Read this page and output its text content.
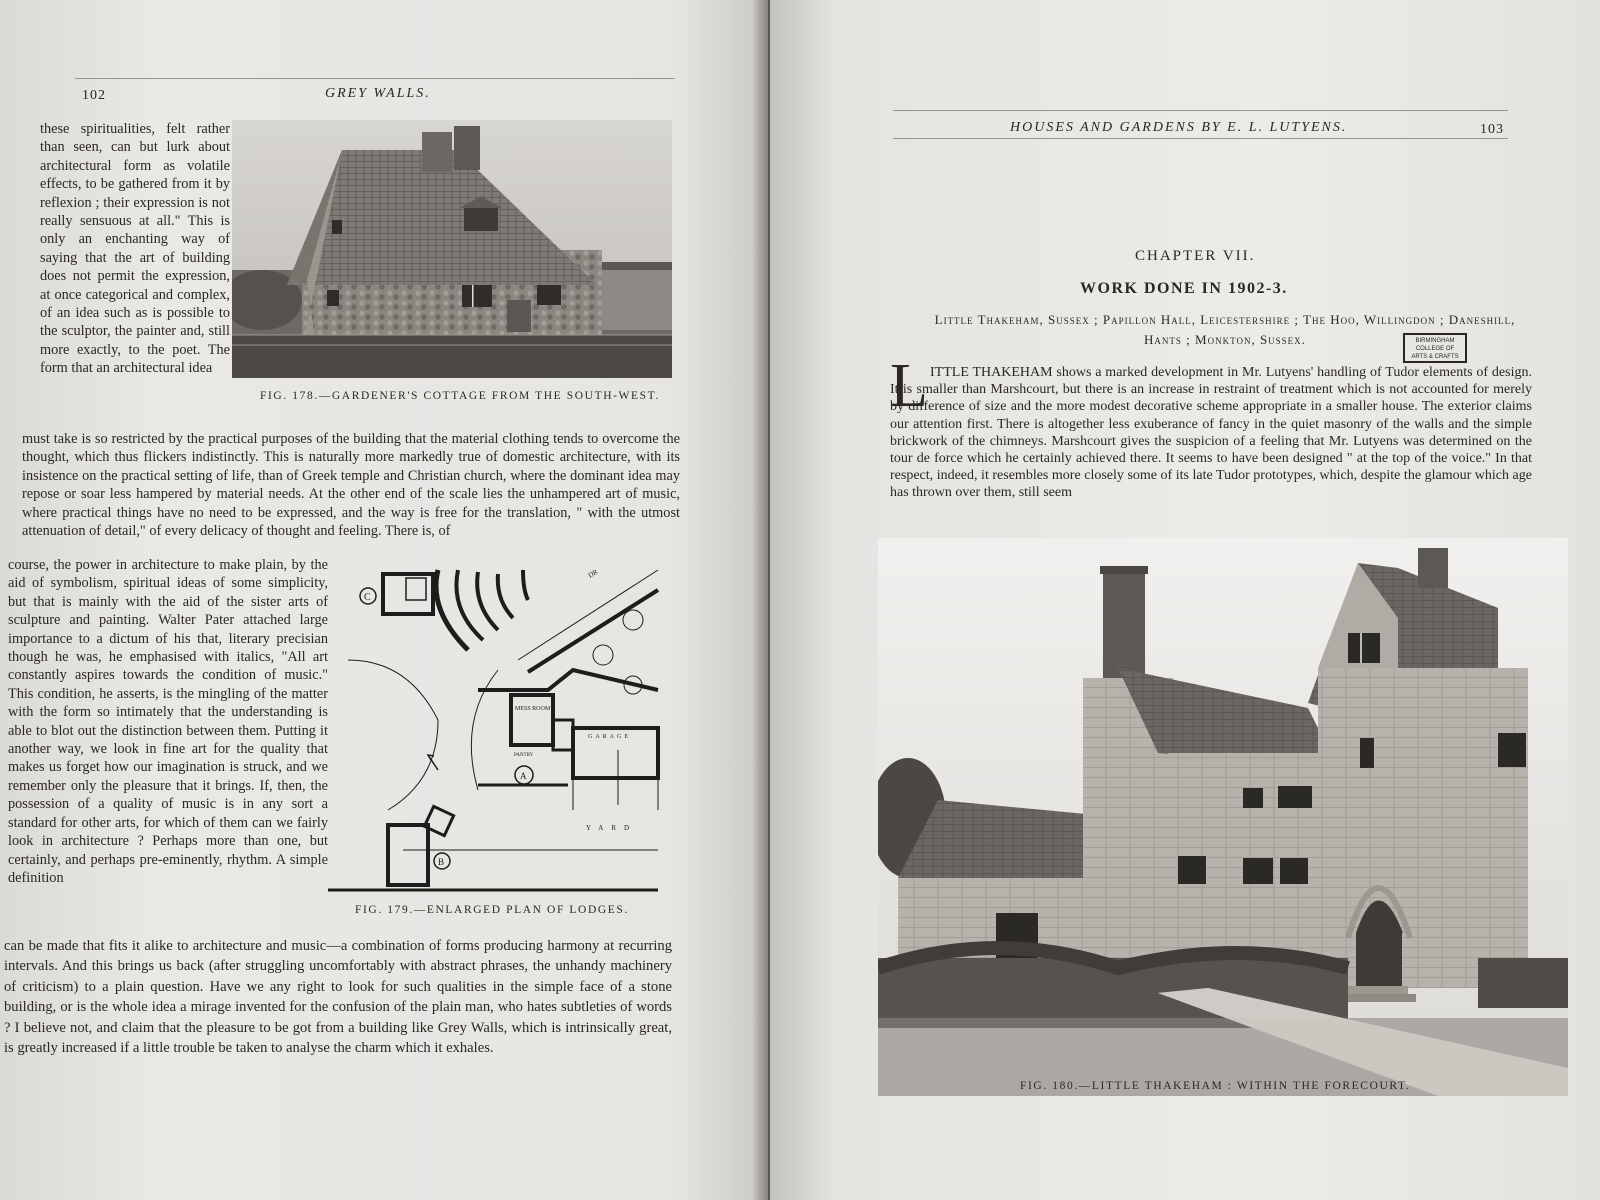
102	GREY WALLS.
FIG. 178.—GARDENER'S COTTAGE FROM THE SOUTH-WEST.

these spiritualities, felt rather than seen, can but lurk about architectural form as volatile effects, to be gathered from it by reflexion ; their expression is not really sensuous at all." This is only an enchanting way of saying that the art of building does not permit the expression, at once categorical and complex, of an idea such as is possible to the sculptor, the painter and, still more exactly, to the poet. The form that an architectural idea

must take is so restricted by the practical purposes of the building that the material clothing tends to overcome the thought, which thus flickers indistinctly. This is naturally more markedly true of domestic architecture, with its insistence on the practical setting of life, than of Greek temple and Christian church, where the dominant idea may repose or soar less hampered by material needs. At the other end of the scale lies the unhampered art of music, where practical things have no need to be expressed, and the way is free for the translation, " with the utmost attenuation of detail," of every delicacy of thought and feeling. There is, of

course, the power in architecture to make plain, by the aid of symbolism, spiritual ideas of some simplicity, but that is mainly with the aid of the sister arts of sculpture and painting. Walter Pater attached large importance to a dictum of his that, literary precisian though he was, he emphasised with italics, "All art constantly aspires towards the condition of music." This condition, he asserts, is the mingling of the matter with the form so intimately that the understanding is able to blot out the distinction between them. Putting it another way, we look in fine art for the quality that makes us forget how our imagination is struck, and we remember only the pleasure that it brings. If, then, the possession of a quality of music is in any sort a standard for other arts, for which of them can we fairly look in architecture ? Perhaps more than one, but certainly, and perhaps pre-eminently, rhythm. A simple definition

C
DR
MESS ROOM
GARAGE
PANTRY
A
YARD
B
FIG. 179.—ENLARGED PLAN OF LODGES.

can be made that fits it alike to architecture and music—a combination of forms producing harmony at recurring intervals. And this brings us back (after struggling uncomfortably with abstract phrases, the unhandy machinery of criticism) to a plain question. Have we any right to look for such qualities in the simple face of a stone building, or is the whole idea a mirage invented for the confusion of the plain man, who hates subtleties of words ? I believe not, and claim that the pleasure to be got from a building like Grey Walls, which is intrinsically great, is greatly increased if a little trouble be taken to analyse the charm which it exhales.

HOUSES AND GARDENS BY E. L. LUTYENS.	103
CHAPTER VII.
WORK DONE IN 1902-3.
Little Thakeham, Sussex ; Papillon Hall, Leicestershire ; The Hoo, Willingdon ; Daneshill, Hants ; Monkton, Sussex.	BIRMINGHAM
COLLEGE OF
ARTS & CRAFTS
L ITTLE THAKEHAM shows a marked development in Mr. Lutyens' handling of Tudor elements of design. It is smaller than Marshcourt, but there is an increase in restraint of treatment which is not accounted for merely by difference of size and the more modest decorative scheme appropriate in a smaller house. The exterior claims our attention first. There is altogether less exuberance of fancy in the quiet masonry of the walls and the simple brickwork of the chimneys. Marshcourt gives the suspicion of a feeling that Mr. Lutyens was determined on the tour de force which he certainly achieved there. It seems to have been designed " at the top of the voice." In that respect, indeed, it resembles more closely some of its late Tudor prototypes, which, despite the glamour which age has thrown over them, still seem

FIG. 180.—LITTLE THAKEHAM : WITHIN THE FORECOURT.
